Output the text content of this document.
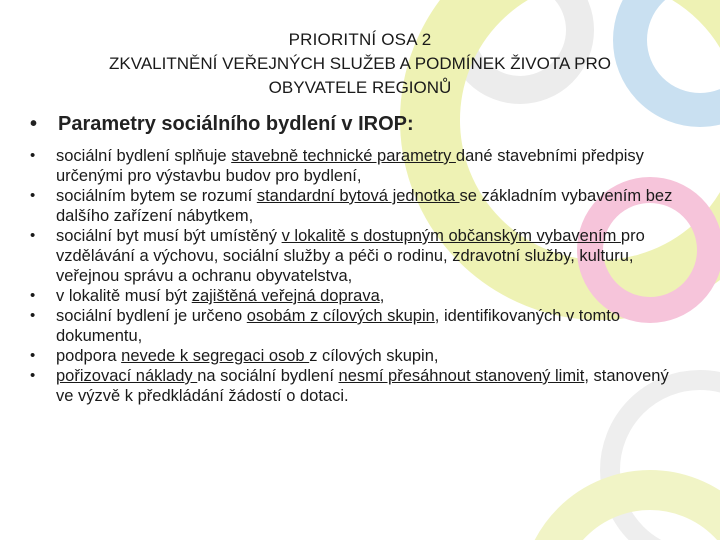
PRIORITNÍ OSA 2
ZKVALITNĚNÍ VEŘEJNÝCH SLUŽEB A PODMÍNEK ŽIVOTA PRO
OBYVATELE REGIONŮ
•	Parametry sociálního bydlení v IROP:
•	sociální bydlení splňuje stavebně technické parametry dané stavebními předpisy určenými pro výstavbu budov pro bydlení,
•	sociálním bytem se rozumí standardní bytová jednotka se základním vybavením bez dalšího zařízení nábytkem,
•	sociální byt musí být umístěný v lokalitě s dostupným občanským vybavením pro vzdělávání a výchovu, sociální služby a péči o rodinu, zdravotní služby, kulturu, veřejnou správu a ochranu obyvatelstva,
•	v lokalitě musí být zajištěná veřejná doprava,
•	sociální bydlení je určeno osobám z cílových skupin, identifikovaných v tomto dokumentu,
•	podpora nevede k segregaci osob z cílových skupin,
•	pořizovací náklady na sociální bydlení nesmí přesáhnout stanovený limit, stanovený ve výzvě k předkládání žádostí o dotaci.
